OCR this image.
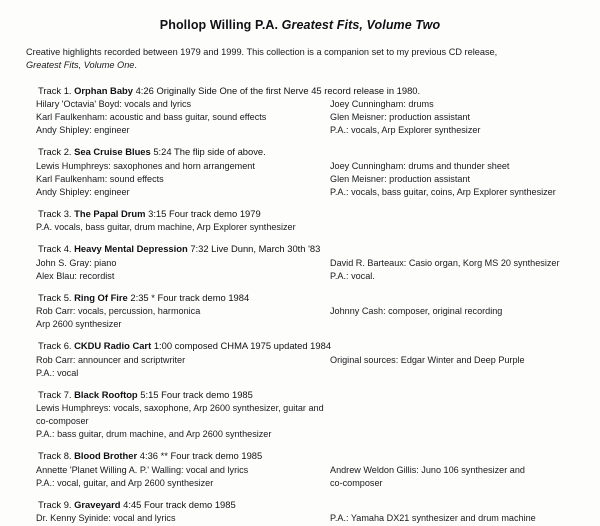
Phollop Willing P.A. Greatest Fits, Volume Two
Creative highlights recorded between 1979 and 1999. This collection is a companion set to my previous CD release,
Greatest Fits, Volume One.
Track 1. Orphan Baby 4:26 Originally Side One of the first Nerve 45 record release in 1980.
Hilary 'Octavia' Boyd: vocals and lyrics	Joey Cunningham: drums
Karl Faulkenham: acoustic and bass guitar, sound effects	Glen Meisner: production assistant
Andy Shipley: engineer	P.A.: vocals, Arp Explorer synthesizer
Track 2. Sea Cruise Blues 5:24 The flip side of above.
Lewis Humphreys: saxophones and horn arrangement	Joey Cunningham: drums and thunder sheet
Karl Faulkenham: sound effects	Glen Meisner: production assistant
Andy Shipley: engineer	P.A.: vocals, bass guitar, coins, Arp Explorer synthesizer
Track 3. The Papal Drum 3:15 Four track demo 1979
P.A. vocals, bass guitar, drum machine, Arp Explorer synthesizer
Track 4. Heavy Mental Depression 7:32 Live Dunn, March 30th '83
John S. Gray: piano	David R. Barteaux: Casio organ, Korg MS 20 synthesizer
Alex Blau: recordist	P.A.: vocal.
Track 5. Ring Of Fire 2:35 * Four track demo 1984
Rob Carr: vocals, percussion, harmonica	Johnny Cash: composer, original recording
Arp 2600 synthesizer
Track 6. CKDU Radio Cart 1:00 composed CHMA 1975 updated 1984
Rob Carr: announcer and scriptwriter	Original sources: Edgar Winter and Deep Purple
P.A.: vocal
Track 7. Black Rooftop 5:15 Four track demo 1985
Lewis Humphreys: vocals, saxophone, Arp 2600 synthesizer, guitar and co-composer
P.A.: bass guitar, drum machine, and Arp 2600 synthesizer
Track 8. Blood Brother 4:36 ** Four track demo 1985
Annette 'Planet Willing A. P.' Walling: vocal and lyrics	Andrew Weldon Gillis: Juno 106 synthesizer and
P.A.: vocal, guitar, and Arp 2600 synthesizer	co-composer
Track 9. Graveyard 4:45 Four track demo 1985
Dr. Kenny Syinide: vocal and lyrics	P.A.: Yamaha DX21 synthesizer and drum machine
